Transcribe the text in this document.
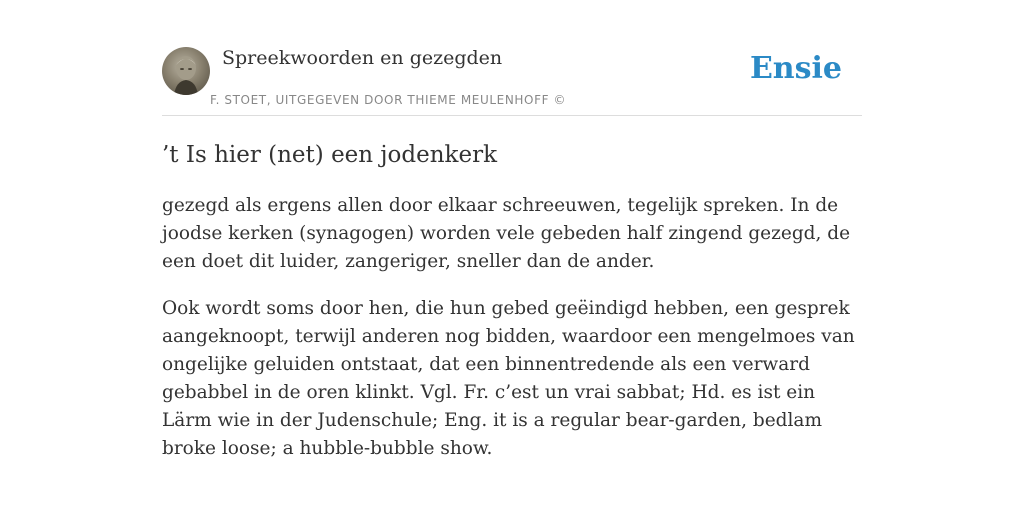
Spreekwoorden en gezegden
F. STOET, UITGEGEVEN DOOR THIEME MEULENHOFF ©
Ensie
’t Is hier (net) een jodenkerk

gezegd als ergens allen door elkaar schreeuwen, tegelijk spreken. In de joodse kerken (synagogen) worden vele gebeden half zingend gezegd, de een doet dit luider, zangeriger, sneller dan de ander.

Ook wordt soms door hen, die hun gebed geëindigd hebben, een gesprek aangeknoopt, terwijl anderen nog bidden, waardoor een mengelmoes van ongelijke geluiden ontstaat, dat een binnentredende als een verward gebabbel in de oren klinkt. Vgl. Fr. c’est un vrai sabbat; Hd. es ist ein Lärm wie in der Judenschule; Eng. it is a regular bear-garden, bedlam broke loose; a hubble-bubble show.
